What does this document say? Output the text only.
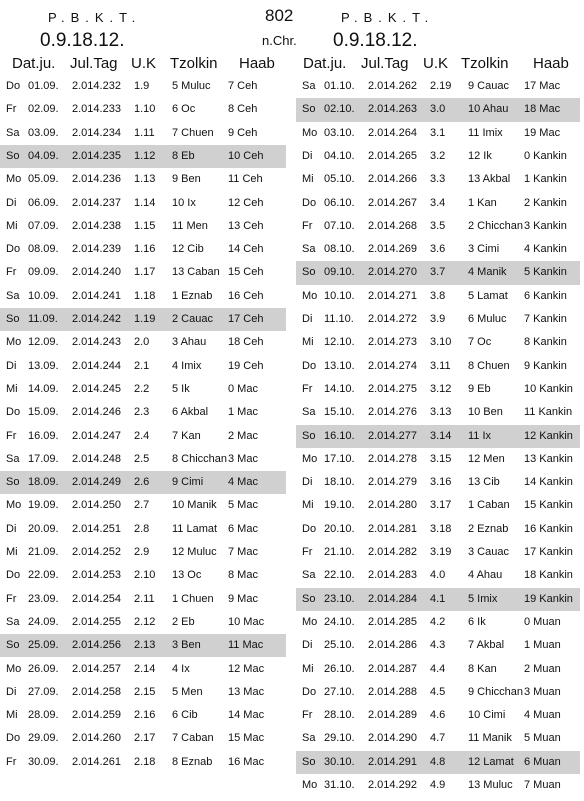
P.B.K.T.
0.9.18.12.
802
n.Chr.
P.B.K.T.
0.9.18.12.
Dat.ju. Jul.Tag U.K Tzolkin Haab Dat.ju. Jul.Tag U.K Tzolkin Haab
Do 01.09. 2.014.232 1.9 5 Muluc 7 Ceh
Fr 02.09. 2.014.233 1.10 6 Oc	8 Ceh
Sa 03.09. 2.014.234 1.11 7 Chuen 9 Ceh
So 04.09. 2.014.235 1.12 8 Eb	10 Ceh
Mo 05.09. 2.014.236 1.13 9 Ben 11 Ceh
Di 06.09. 2.014.237 1.14 10 Ix	12 Ceh
Mi 07.09. 2.014.238 1.15 11 Men 13 Ceh
Do 08.09. 2.014.239 1.16 12 Cib 14 Ceh
Fr 09.09. 2.014.240 1.17 13 Caban 15 Ceh
Sa 10.09. 2.014.241 1.18 1 Eznab 16 Ceh
So 11.09. 2.014.242 1.19 2 Cauac 17 Ceh
Mo 12.09. 2.014.243 2.0 3 Ahau 18 Ceh
Di 13.09. 2.014.244 2.1 4 Imix 19 Ceh
Mi 14.09. 2.014.245 2.2 5 Ik	0 Mac
Do 15.09. 2.014.246 2.3 6 Akbal 1 Mac
Fr 16.09. 2.014.247 2.4 7 Kan 2 Mac
Sa 17.09. 2.014.248 2.5 8 Chicchan 3 Mac
So 18.09. 2.014.249 2.6 9 Cimi 4 Mac
Mo 19.09. 2.014.250 2.7 10 Manik 5 Mac
Di 20.09. 2.014.251 2.8 11 Lamat 6 Mac
Mi 21.09. 2.014.252 2.9 12 Muluc 7 Mac
Do 22.09. 2.014.253 2.10 13 Oc 8 Mac
Fr 23.09. 2.014.254 2.11 1 Chuen 9 Mac
Sa 24.09. 2.014.255 2.12 2 Eb	10 Mac
So 25.09. 2.014.256 2.13 3 Ben 11 Mac
Mo 26.09. 2.014.257 2.14 4 Ix	12 Mac
Di 27.09. 2.014.258 2.15 5 Men 13 Mac
Mi 28.09. 2.014.259 2.16 6 Cib	14 Mac
Do 29.09. 2.014.260 2.17 7 Caban 15 Mac
Fr 30.09. 2.014.261 2.18 8 Eznab 16 Mac
Sa 01.10. 2.014.262 2.19 9 Cauac 17 Mac
So 02.10. 2.014.263 3.0 10 Ahau 18 Mac
Mo 03.10. 2.014.264 3.1 11 Imix 19 Mac
Di 04.10. 2.014.265 3.2 12 Ik	0 Kankin
Mi 05.10. 2.014.266 3.3 13 Akbal 1 Kankin
Do 06.10. 2.014.267 3.4 1 Kan 2 Kankin
Fr 07.10. 2.014.268 3.5 2 Chicchan 3 Kankin
Sa 08.10. 2.014.269 3.6 3 Cimi 4 Kankin
So 09.10. 2.014.270 3.7 4 Manik 5 Kankin
Mo 10.10. 2.014.271 3.8 5 Lamat 6 Kankin
Di 11.10. 2.014.272 3.9 6 Muluc 7 Kankin
Mi 12.10. 2.014.273 3.10 7 Oc	8 Kankin
Do 13.10. 2.014.274 3.11 8 Chuen 9 Kankin
Fr 14.10. 2.014.275 3.12 9 Eb	10 Kankin
Sa 15.10. 2.014.276 3.13 10 Ben 11 Kankin
So 16.10. 2.014.277 3.14 11 Ix	12 Kankin
Mo 17.10. 2.014.278 3.15 12 Men 13 Kankin
Di 18.10. 2.014.279 3.16 13 Cib 14 Kankin
Mi 19.10. 2.014.280 3.17 1 Caban 15 Kankin
Do 20.10. 2.014.281 3.18 2 Eznab 16 Kankin
Fr 21.10. 2.014.282 3.19 3 Cauac 17 Kankin
Sa 22.10. 2.014.283 4.0 4 Ahau 18 Kankin
So 23.10. 2.014.284 4.1 5 Imix 19 Kankin
Mo 24.10. 2.014.285 4.2 6 Ik	0 Muan
Di 25.10. 2.014.286 4.3 7 Akbal 1 Muan
Mi 26.10. 2.014.287 4.4 8 Kan 2 Muan
Do 27.10. 2.014.288 4.5 9 Chicchan 3 Muan
Fr 28.10. 2.014.289 4.6 10 Cimi 4 Muan
Sa 29.10. 2.014.290 4.7 11 Manik 5 Muan
So 30.10. 2.014.291 4.8 12 Lamat 6 Muan
Mo 31.10. 2.014.292 4.9 13 Muluc 7 Muan
